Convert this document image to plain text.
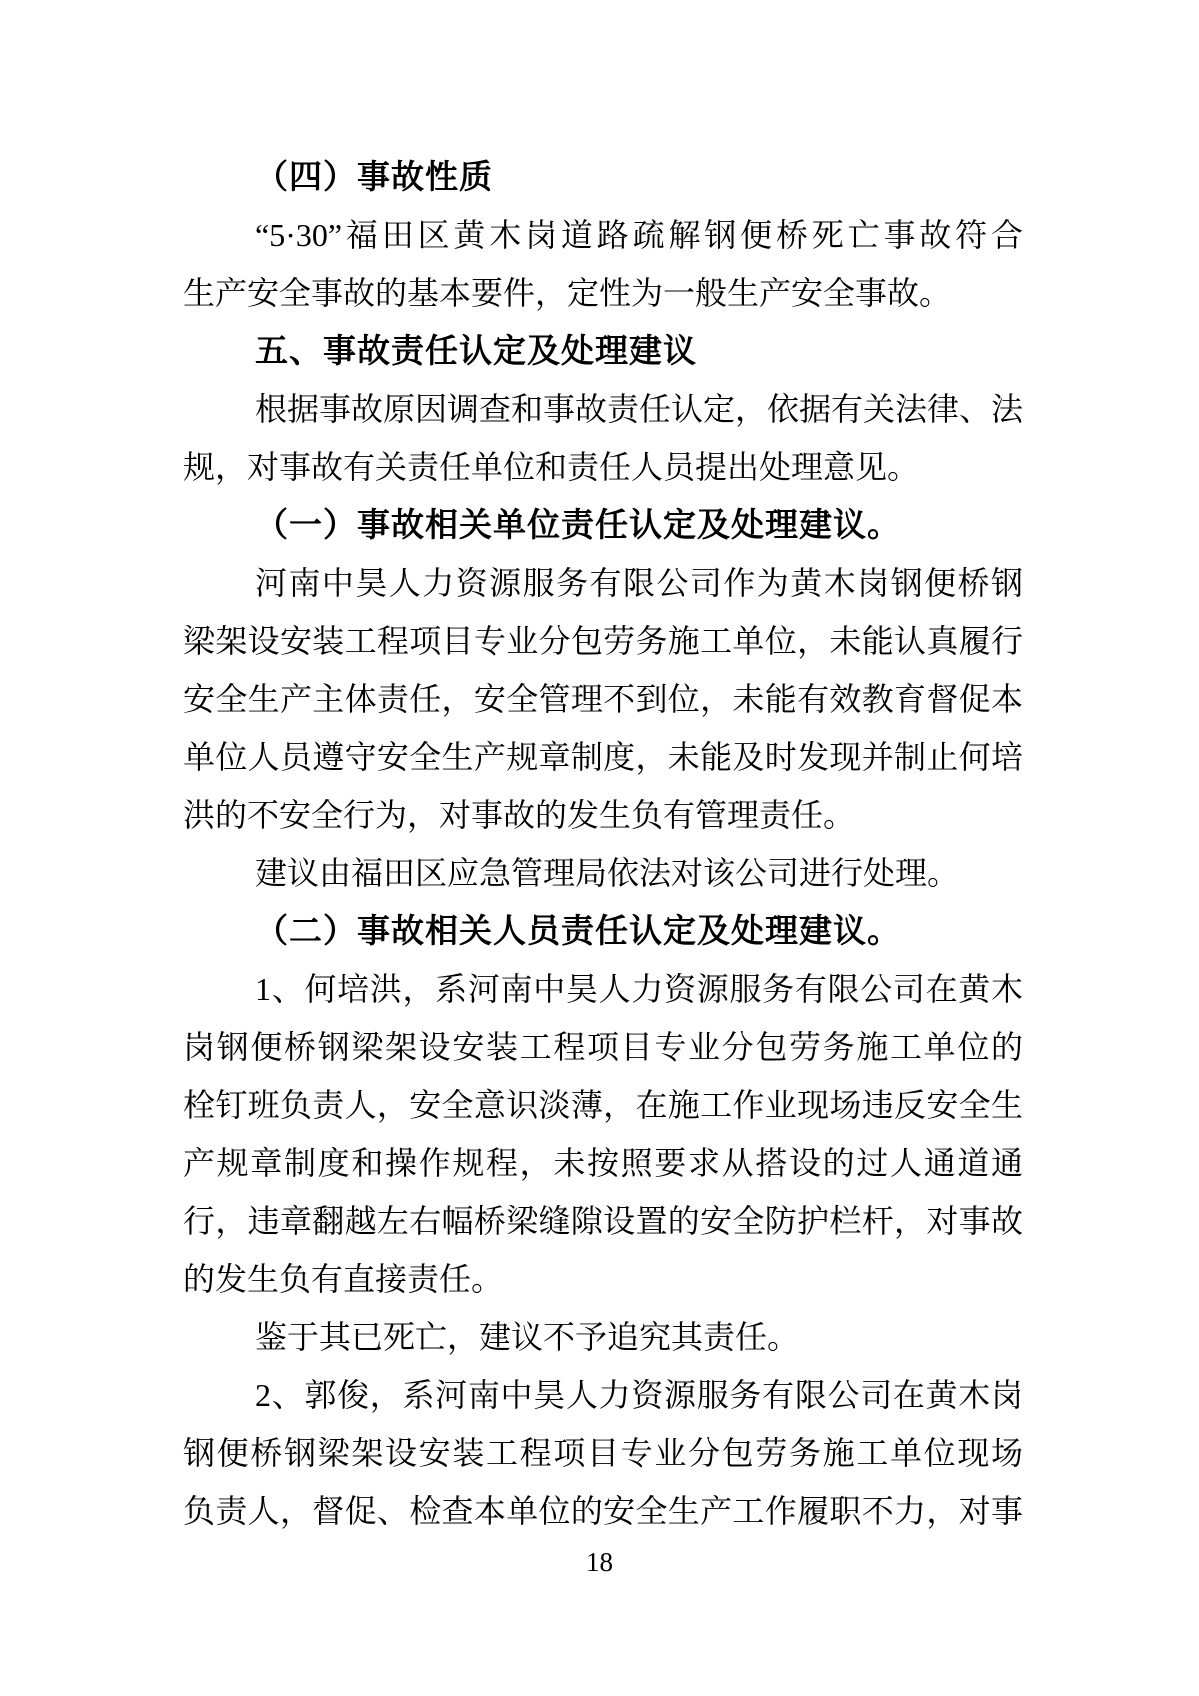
（四）事故性质
“5·30”福田区黄木岗道路疏解钢便桥死亡事故符合
生产安全事故的基本要件，定性为一般生产安全事故。
五、事故责任认定及处理建议
根据事故原因调查和事故责任认定，依据有关法律、法
规，对事故有关责任单位和责任人员提出处理意见。
（一）事故相关单位责任认定及处理建议。
河南中昊人力资源服务有限公司作为黄木岗钢便桥钢
梁架设安装工程项目专业分包劳务施工单位，未能认真履行
安全生产主体责任，安全管理不到位，未能有效教育督促本
单位人员遵守安全生产规章制度，未能及时发现并制止何培
洪的不安全行为，对事故的发生负有管理责任。
建议由福田区应急管理局依法对该公司进行处理。
（二）事故相关人员责任认定及处理建议。
1、何培洪，系河南中昊人力资源服务有限公司在黄木
岗钢便桥钢梁架设安装工程项目专业分包劳务施工单位的
栓钉班负责人，安全意识淡薄，在施工作业现场违反安全生
产规章制度和操作规程，未按照要求从搭设的过人通道通
行，违章翻越左右幅桥梁缝隙设置的安全防护栏杆，对事故
的发生负有直接责任。
鉴于其已死亡，建议不予追究其责任。
2、郭俊，系河南中昊人力资源服务有限公司在黄木岗
钢便桥钢梁架设安装工程项目专业分包劳务施工单位现场
负责人，督促、检查本单位的安全生产工作履职不力，对事
18
